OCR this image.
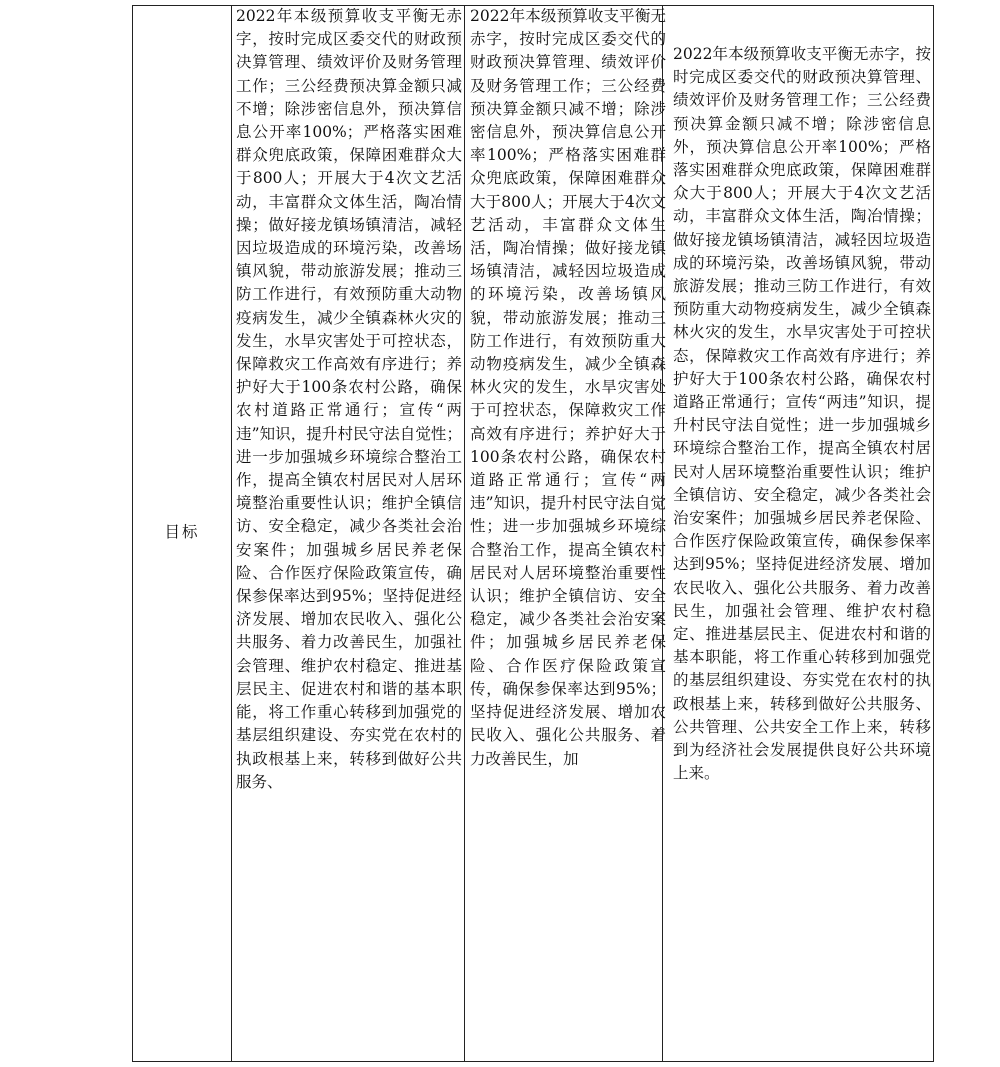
目标

2022年本级预算收支平衡无赤字，按时完成区委交代的财政预决算管理、绩效评价及财务管理工作；三公经费预决算金额只减不增；除涉密信息外，预决算信息公开率100%；严格落实困难群众兜底政策，保障困难群众大于800人；开展大于4次文艺活动，丰富群众文体生活，陶冶情操；做好接龙镇场镇清洁，减轻因垃圾造成的环境污染，改善场镇风貌，带动旅游发展；推动三防工作进行，有效预防重大动物疫病发生，减少全镇森林火灾的发生，水旱灾害处于可控状态，保障救灾工作高效有序进行；养护好大于100条农村公路，确保农村道路正常通行；宣传“两违”知识，提升村民守法自觉性；进一步加强城乡环境综合整治工作，提高全镇农村居民对人居环境整治重要性认识；维护全镇信访、安全稳定，减少各类社会治安案件；加强城乡居民养老保险、合作医疗保险政策宣传，确保参保率达到95%；坚持促进经济发展、增加农民收入、强化公共服务、着力改善民生，加强社会管理、维护农村稳定、推进基层民主、促进农村和谐的基本职能，将工作重心转移到加强党的基层组织建设、夯实党在农村的执政根基上来，转移到做好公共服务、

2022年本级预算收支平衡无赤字，按时完成区委交代的财政预决算管理、绩效评价及财务管理工作；三公经费预决算金额只减不增；除涉密信息外，预决算信息公开率100%；严格落实困难群众兜底政策，保障困难群众大于800人；开展大于4次文艺活动，丰富群众文体生活，陶冶情操；做好接龙镇场镇清洁，减轻因垃圾造成的环境污染，改善场镇风貌，带动旅游发展；推动三防工作进行，有效预防重大动物疫病发生，减少全镇森林火灾的发生，水旱灾害处于可控状态，保障救灾工作高效有序进行；养护好大于100条农村公路，确保农村道路正常通行；宣传“两违”知识，提升村民守法自觉性；进一步加强城乡环境综合整治工作，提高全镇农村居民对人居环境整治重要性认识；维护全镇信访、安全稳定，减少各类社会治安案件；加强城乡居民养老保险、合作医疗保险政策宣传，确保参保率达到95%；坚持促进经济发展、增加农民收入、强化公共服务、着力改善民生，加

2022年本级预算收支平衡无赤字，按时完成区委交代的财政预决算管理、绩效评价及财务管理工作；三公经费预决算金额只减不增；除涉密信息外，预决算信息公开率100%；严格落实困难群众兜底政策，保障困难群众大于800人；开展大于4次文艺活动，丰富群众文体生活，陶冶情操；做好接龙镇场镇清洁，减轻因垃圾造成的环境污染，改善场镇风貌，带动旅游发展；推动三防工作进行，有效预防重大动物疫病发生，减少全镇森林火灾的发生，水旱灾害处于可控状态，保障救灾工作高效有序进行；养护好大于100条农村公路，确保农村道路正常通行；宣传“两违”知识，提升村民守法自觉性；进一步加强城乡环境综合整治工作，提高全镇农村居民对人居环境整治重要性认识；维护全镇信访、安全稳定，减少各类社会治安案件；加强城乡居民养老保险、合作医疗保险政策宣传，确保参保率达到95%；坚持促进经济发展、增加农民收入、强化公共服务、着力改善民生，加强社会管理、维护农村稳定、推进基层民主、促进农村和谐的基本职能，将工作重心转移到加强党的基层组织建设、夯实党在农村的执政根基上来，转移到做好公共服务、公共管理、公共安全工作上来，转移到为经济社会发展提供良好公共环境上来。
